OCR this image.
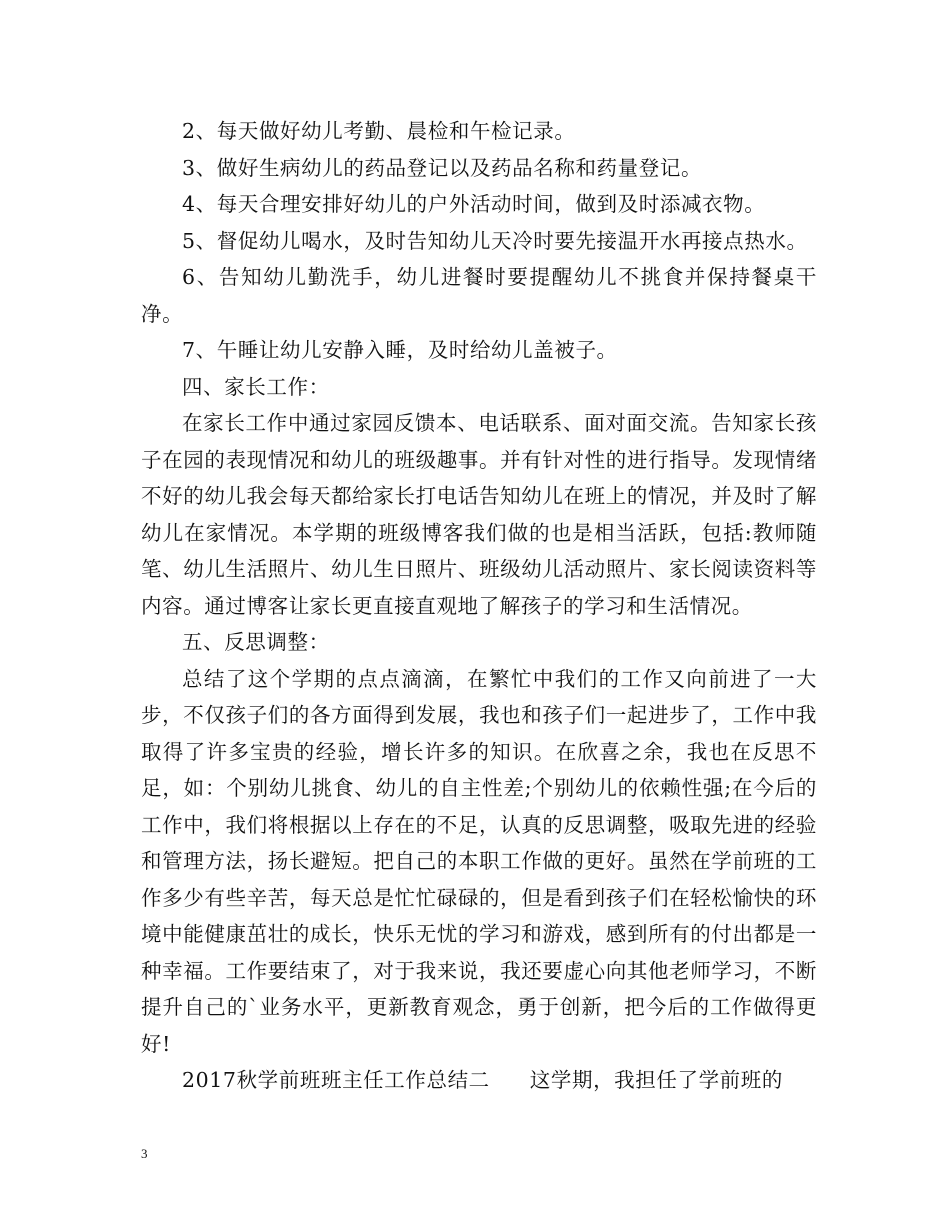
2、每天做好幼儿考勤、晨检和午检记录。

3、做好生病幼儿的药品登记以及药品名称和药量登记。

4、每天合理安排好幼儿的户外活动时间，做到及时添减衣物。

5、督促幼儿喝水，及时告知幼儿天冷时要先接温开水再接点热水。

6、告知幼儿勤洗手，幼儿进餐时要提醒幼儿不挑食并保持餐桌干净。

7、午睡让幼儿安静入睡，及时给幼儿盖被子。

四、家长工作：

在家长工作中通过家园反馈本、电话联系、面对面交流。告知家长孩子在园的表现情况和幼儿的班级趣事。并有针对性的进行指导。发现情绪不好的幼儿我会每天都给家长打电话告知幼儿在班上的情况，并及时了解幼儿在家情况。本学期的班级博客我们做的也是相当活跃，包括:教师随笔、幼儿生活照片、幼儿生日照片、班级幼儿活动照片、家长阅读资料等内容。通过博客让家长更直接直观地了解孩子的学习和生活情况。

五、反思调整：

总结了这个学期的点点滴滴，在繁忙中我们的工作又向前进了一大步，不仅孩子们的各方面得到发展，我也和孩子们一起进步了，工作中我取得了许多宝贵的经验，增长许多的知识。在欣喜之余，我也在反思不足，如：个别幼儿挑食、幼儿的自主性差;个别幼儿的依赖性强;在今后的工作中，我们将根据以上存在的不足，认真的反思调整，吸取先进的经验和管理方法，扬长避短。把自己的本职工作做的更好。虽然在学前班的工作多少有些辛苦，每天总是忙忙碌碌的，但是看到孩子们在轻松愉快的环境中能健康茁壮的成长，快乐无忧的学习和游戏，感到所有的付出都是一种幸福。工作要结束了，对于我来说，我还要虚心向其他老师学习，不断提升自己的`业务水平，更新教育观念，勇于创新，把今后的工作做得更好!

2017秋学前班班主任工作总结二 这学期，我担任了学前班的

3
